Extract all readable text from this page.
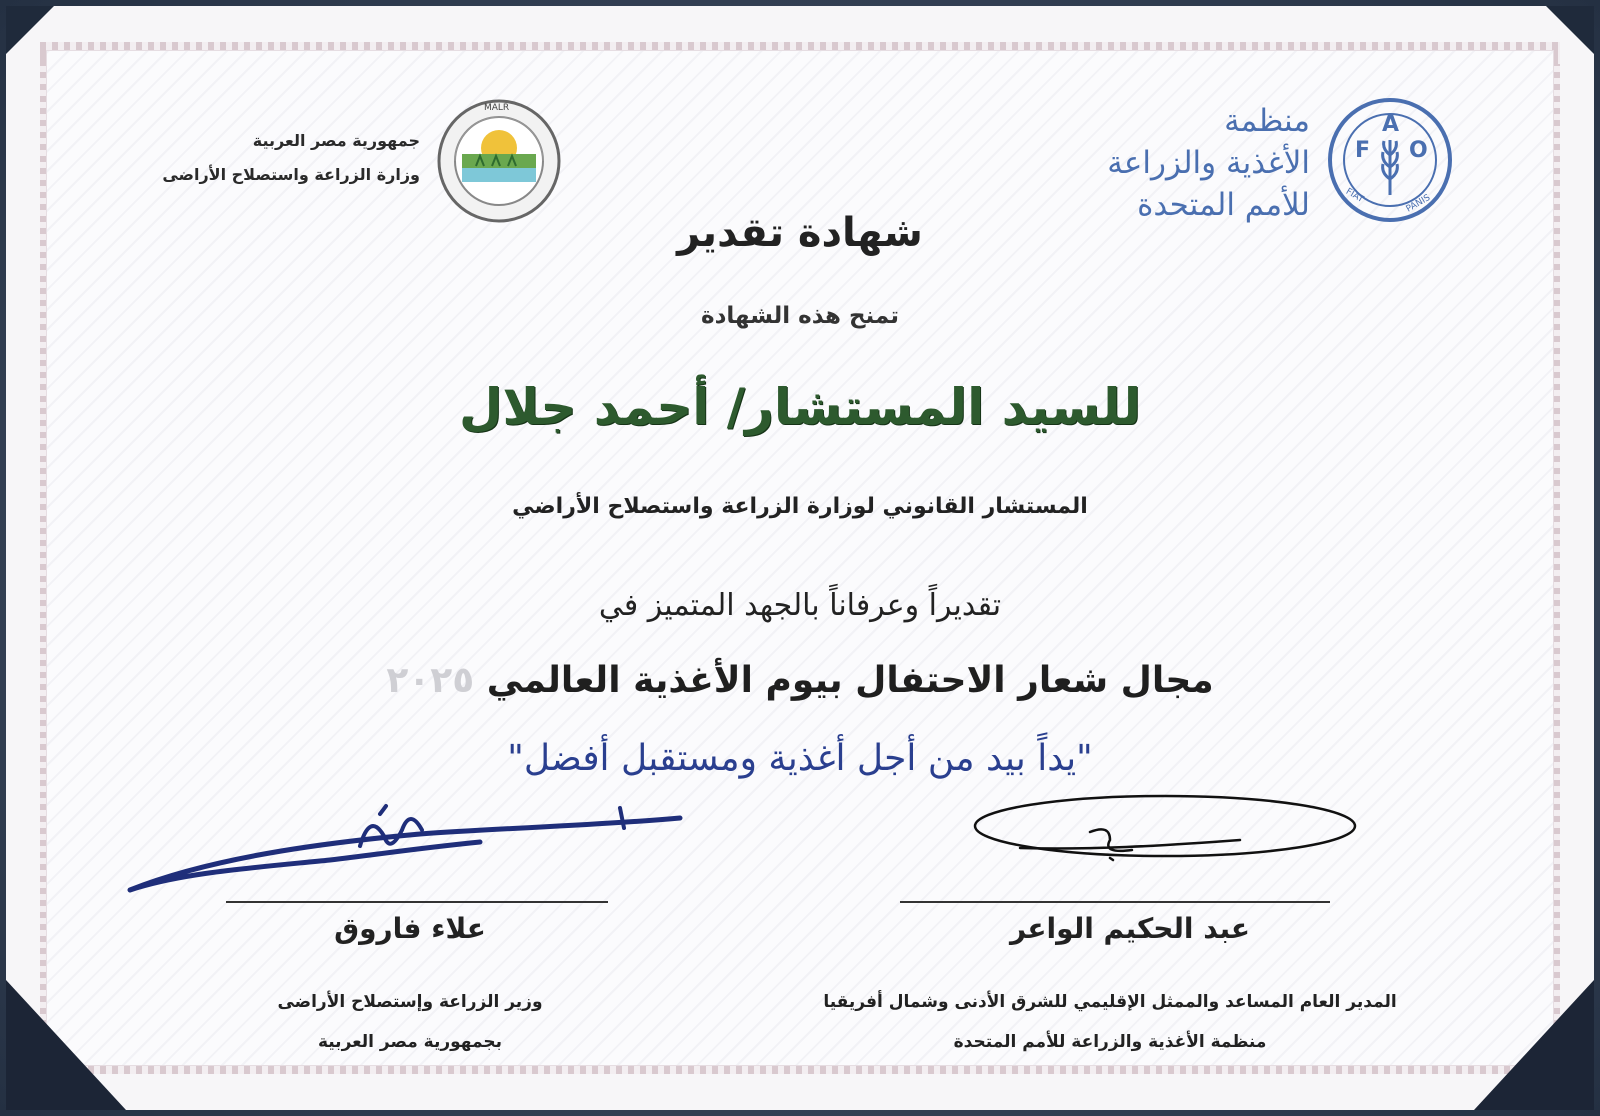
F
A
O
FIAT	PANIS
منظمة
الأغذية والزراعة
للأمم المتحدة
MALR
جمهورية مصر العربية
وزارة الزراعة واستصلاح الأراضى
شهادة تقدير
تمنح هذه الشهادة
للسيد المستشار/ أحمد جلال
المستشار القانوني لوزارة الزراعة واستصلاح الأراضي
تقديراً وعرفاناً بالجهد المتميز في
مجال شعار الاحتفال بيوم الأغذية العالمي ٢٠٢٥
"يداً بيد من أجل أغذية ومستقبل أفضل"
علاء فاروق	عبد الحكيم الواعر
وزير الزراعة وإستصلاح الأراضى
بجمهورية مصر العربية
المدير العام المساعد والممثل الإقليمي للشرق الأدنى وشمال أفريقيا
منظمة الأغذية والزراعة للأمم المتحدة
